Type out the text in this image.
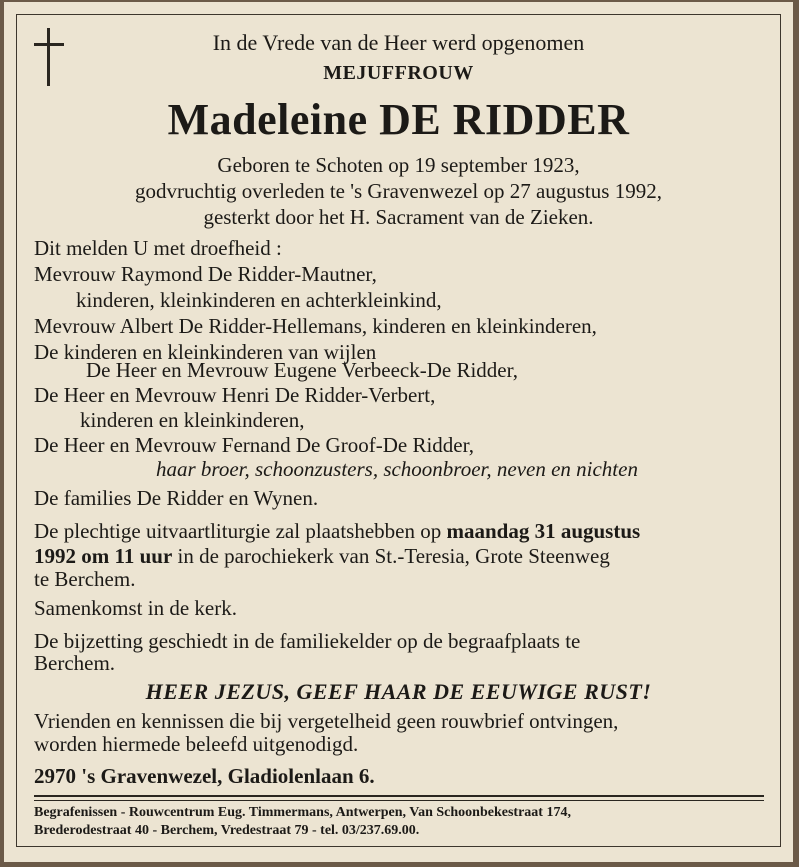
In de Vrede van de Heer werd opgenomen
MEJUFFROUW
Madeleine DE RIDDER
Geboren te Schoten op 19 september 1923,
godvruchtig overleden te 's Gravenwezel op 27 augustus 1992,
gesterkt door het H. Sacrament van de Zieken.
Dit melden U met droefheid :
Mevrouw Raymond De Ridder-Mautner,
kinderen, kleinkinderen en achterkleinkind,
Mevrouw Albert De Ridder-Hellemans, kinderen en kleinkinderen,
De kinderen en kleinkinderen van wijlen
De Heer en Mevrouw Eugene Verbeeck-De Ridder,
De Heer en Mevrouw Henri De Ridder-Verbert,
kinderen en kleinkinderen,
De Heer en Mevrouw Fernand De Groof-De Ridder,
haar broer, schoonzusters, schoonbroer, neven en nichten
De families De Ridder en Wynen.
De plechtige uitvaartliturgie zal plaatshebben op maandag 31 augustus
1992 om 11 uur in de parochiekerk van St.-Teresia, Grote Steenweg
te Berchem.
Samenkomst in de kerk.
De bijzetting geschiedt in de familiekelder op de begraafplaats te
Berchem.
HEER JEZUS, GEEF HAAR DE EEUWIGE RUST!
Vrienden en kennissen die bij vergetelheid geen rouwbrief ontvingen,
worden hiermede beleefd uitgenodigd.
2970 's Gravenwezel, Gladiolenlaan 6.
Begrafenissen - Rouwcentrum Eug. Timmermans, Antwerpen, Van Schoonbekestraat 174,
Brederodestraat 40 - Berchem, Vredestraat 79 - tel. 03/237.69.00.
